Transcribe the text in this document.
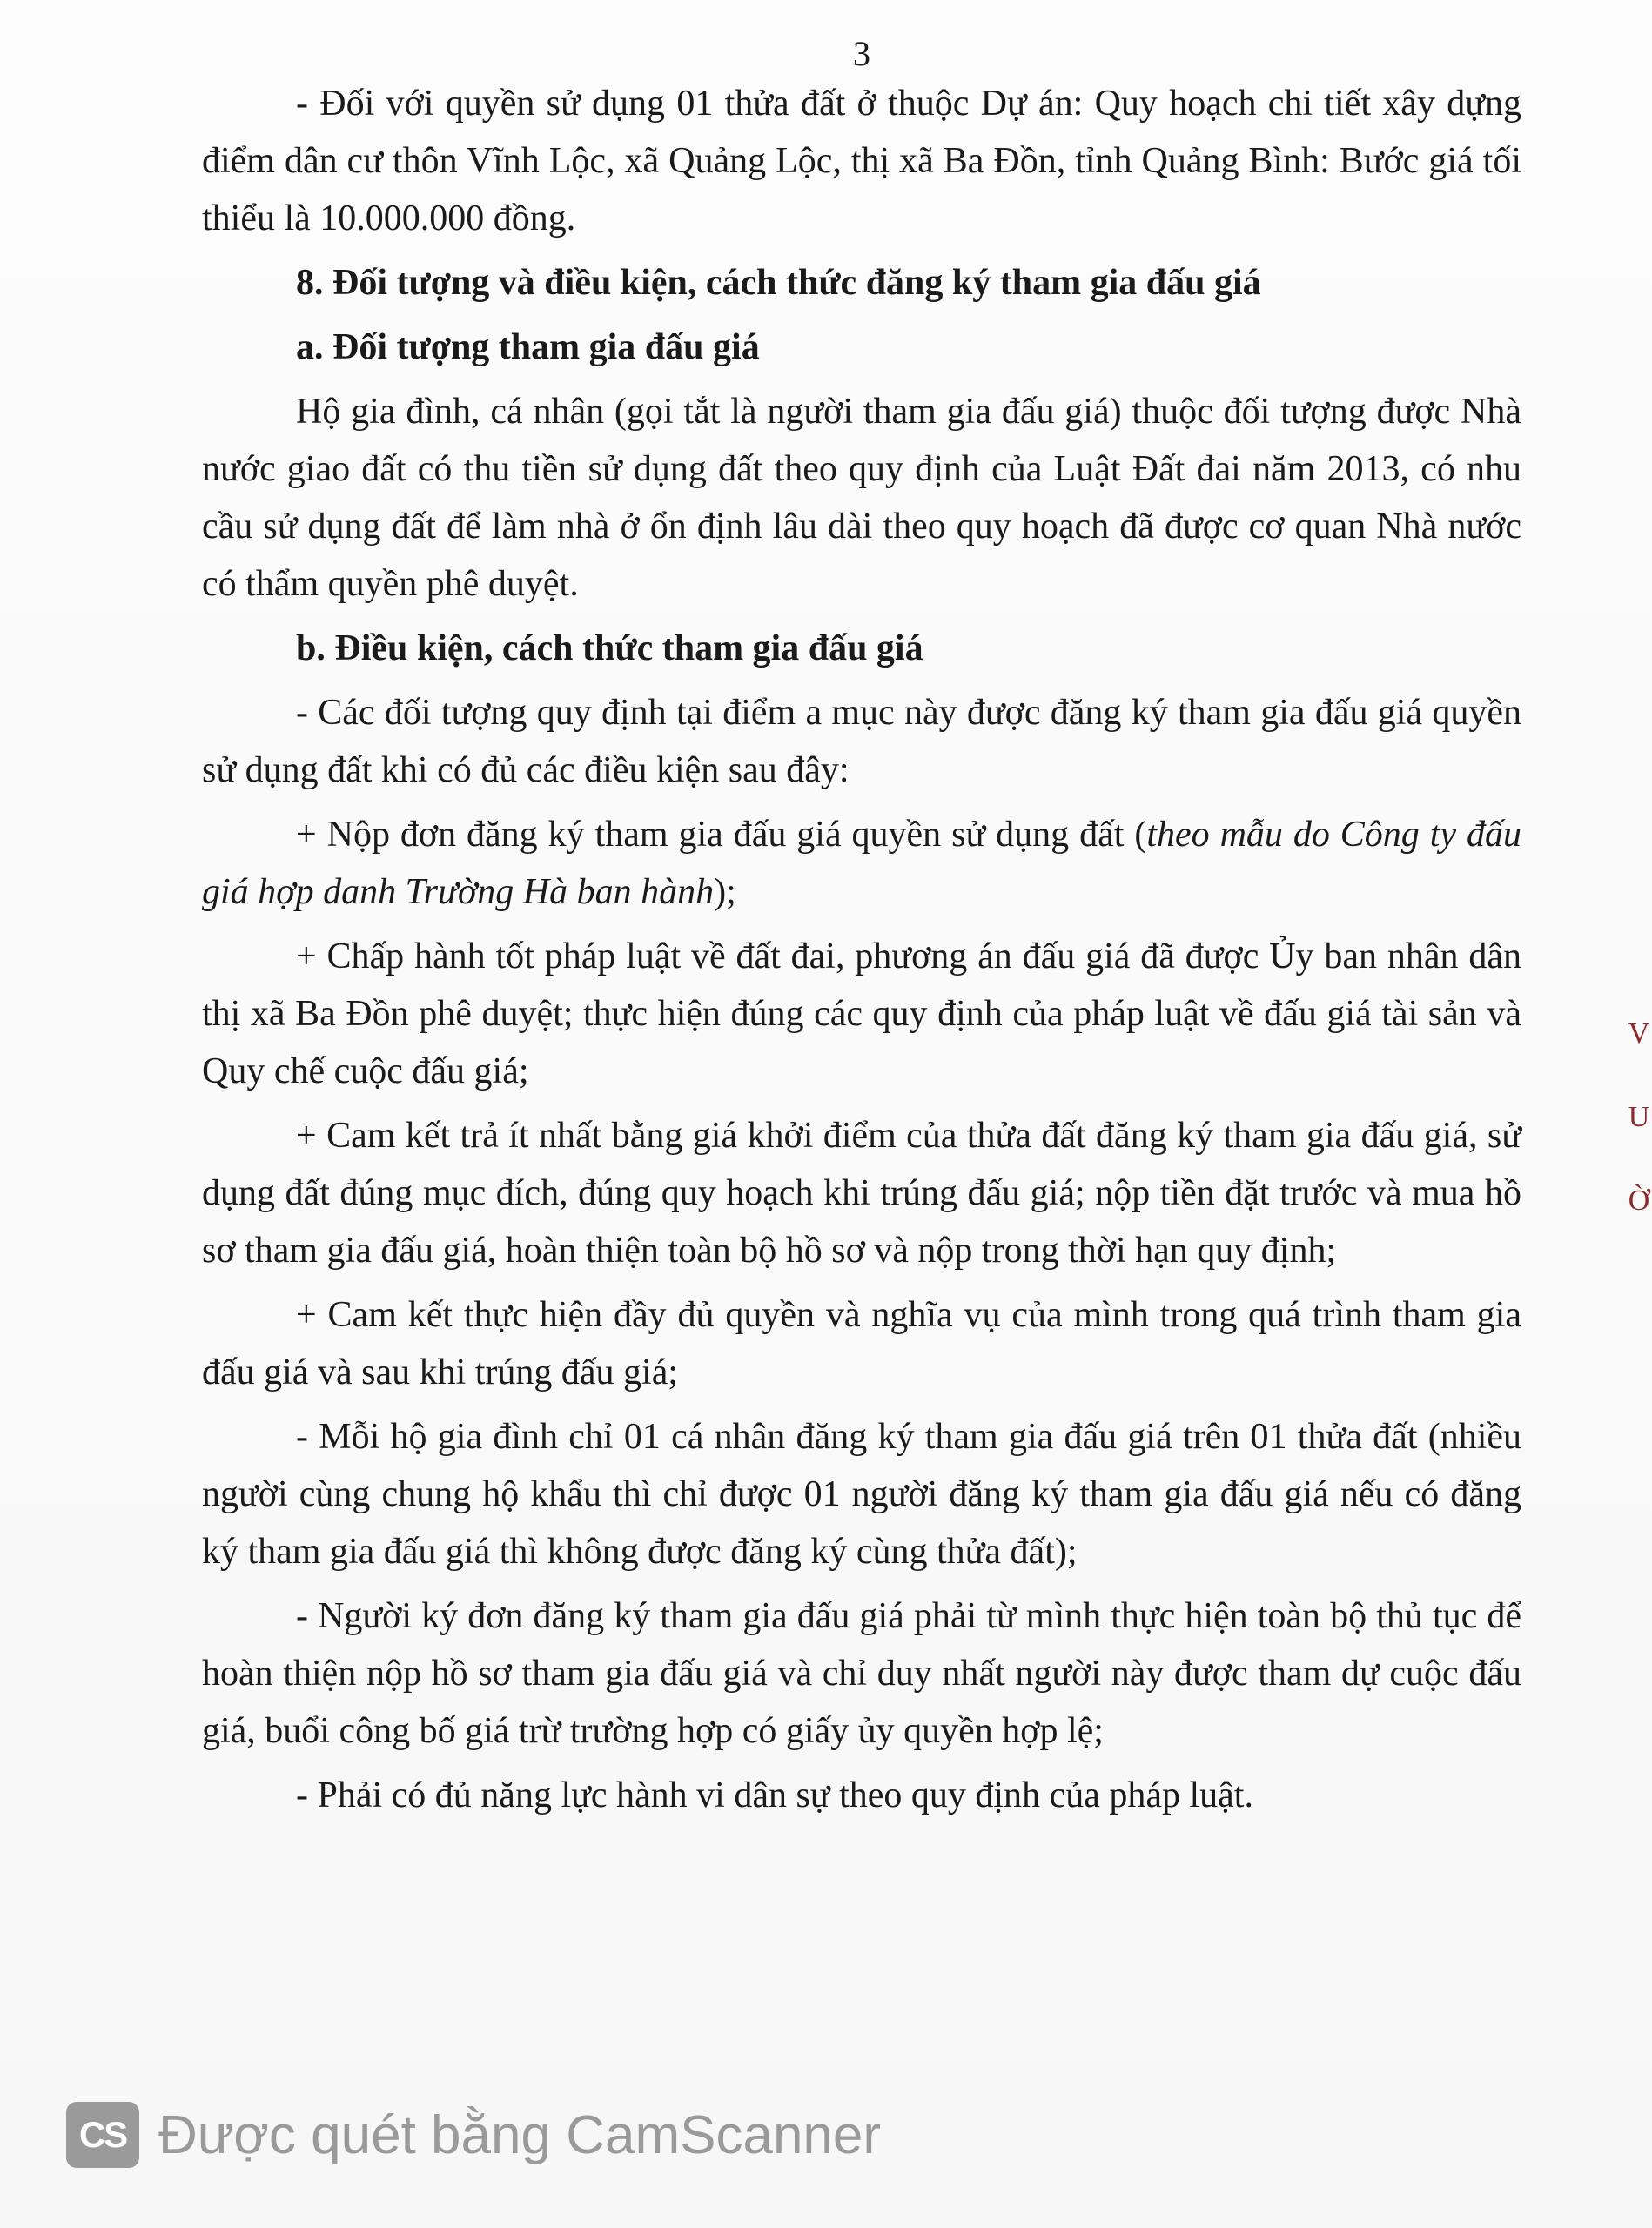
3

- Đối với quyền sử dụng 01 thửa đất ở thuộc Dự án: Quy hoạch chi tiết xây dựng điểm dân cư thôn Vĩnh Lộc, xã Quảng Lộc, thị xã Ba Đồn, tỉnh Quảng Bình: Bước giá tối thiểu là 10.000.000 đồng.

8. Đối tượng và điều kiện, cách thức đăng ký tham gia đấu giá

a. Đối tượng tham gia đấu giá

Hộ gia đình, cá nhân (gọi tắt là người tham gia đấu giá) thuộc đối tượng được Nhà nước giao đất có thu tiền sử dụng đất theo quy định của Luật Đất đai năm 2013, có nhu cầu sử dụng đất để làm nhà ở ổn định lâu dài theo quy hoạch đã được cơ quan Nhà nước có thẩm quyền phê duyệt.

b. Điều kiện, cách thức tham gia đấu giá

- Các đối tượng quy định tại điểm a mục này được đăng ký tham gia đấu giá quyền sử dụng đất khi có đủ các điều kiện sau đây:

+ Nộp đơn đăng ký tham gia đấu giá quyền sử dụng đất (theo mẫu do Công ty đấu giá hợp danh Trường Hà ban hành);

+ Chấp hành tốt pháp luật về đất đai, phương án đấu giá đã được Ủy ban nhân dân thị xã Ba Đồn phê duyệt; thực hiện đúng các quy định của pháp luật về đấu giá tài sản và Quy chế cuộc đấu giá;

+ Cam kết trả ít nhất bằng giá khởi điểm của thửa đất đăng ký tham gia đấu giá, sử dụng đất đúng mục đích, đúng quy hoạch khi trúng đấu giá; nộp tiền đặt trước và mua hồ sơ tham gia đấu giá, hoàn thiện toàn bộ hồ sơ và nộp trong thời hạn quy định;

+ Cam kết thực hiện đầy đủ quyền và nghĩa vụ của mình trong quá trình tham gia đấu giá và sau khi trúng đấu giá;

- Mỗi hộ gia đình chỉ 01 cá nhân đăng ký tham gia đấu giá trên 01 thửa đất (nhiều người cùng chung hộ khẩu thì chỉ được 01 người đăng ký tham gia đấu giá nếu có đăng ký tham gia đấu giá thì không được đăng ký cùng thửa đất);

- Người ký đơn đăng ký tham gia đấu giá phải từ mình thực hiện toàn bộ thủ tục để hoàn thiện nộp hồ sơ tham gia đấu giá và chỉ duy nhất người này được tham dự cuộc đấu giá, buổi công bố giá trừ trường hợp có giấy ủy quyền hợp lệ;

- Phải có đủ năng lực hành vi dân sự theo quy định của pháp luật.

V
U
Ờ
CS Được quét bằng CamScanner
